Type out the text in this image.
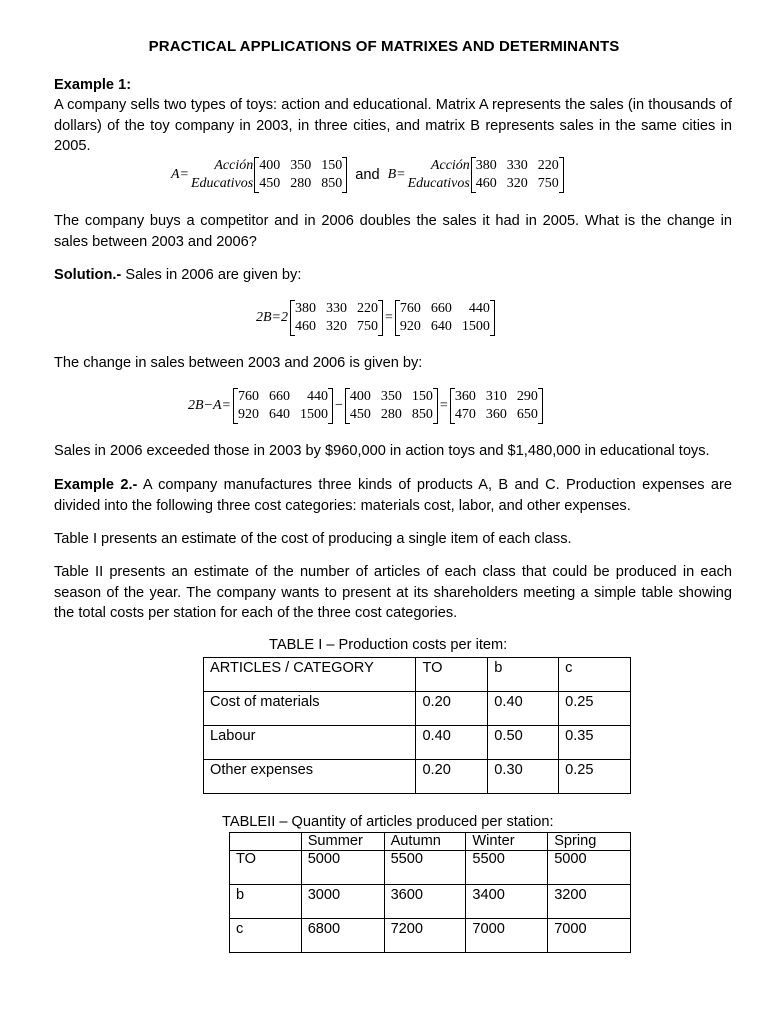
PRACTICAL APPLICATIONS OF MATRIXES AND DETERMINANTS
Example 1:
A company sells two types of toys: action and educational. Matrix A represents the sales (in thousands of dollars) of the toy company in 2003, in three cities, and matrix B represents sales in the same cities in 2005.
A=
Acción
Educativos
400 350 150
450 280 850
and B=
Acción
Educativos
380 330 220
460 320 750
The company buys a competitor and in 2006 doubles the sales it had in 2005. What is the change in sales between 2003 and 2006?
Solution.- Sales in 2006 are given by:
2B=2
380 330 220
460 320 750
=
760 660	440
920 640 1500
The change in sales between 2003 and 2006 is given by:
2B−A=
760 660	440
920 640 1500
−
400 350 150
450 280 850
=
360 310 290
470 360 650
Sales in 2006 exceeded those in 2003 by $960,000 in action toys and $1,480,000 in educational toys.
Example 2.- A company manufactures three kinds of products A, B and C. Production expenses are divided into the following three cost categories: materials cost, labor, and other expenses.
Table I presents an estimate of the cost of producing a single item of each class.
Table II presents an estimate of the number of articles of each class that could be produced in each season of the year. The company wants to present at its shareholders meeting a simple table showing the total costs per station for each of the three cost categories.
TABLE I – Production costs per item:
ARTICLES / CATEGORY	TO	b	c
Cost of materials	0.20	0.40	0.25
Labour	0.40	0.50	0.35
Other expenses	0.20	0.30	0.25
TABLEII – Quantity of articles produced per station:
	Summer	Autumn	Winter	Spring
TO	5000	5500	5500	5000
b	3000	3600	3400	3200
c	6800	7200	7000	7000
